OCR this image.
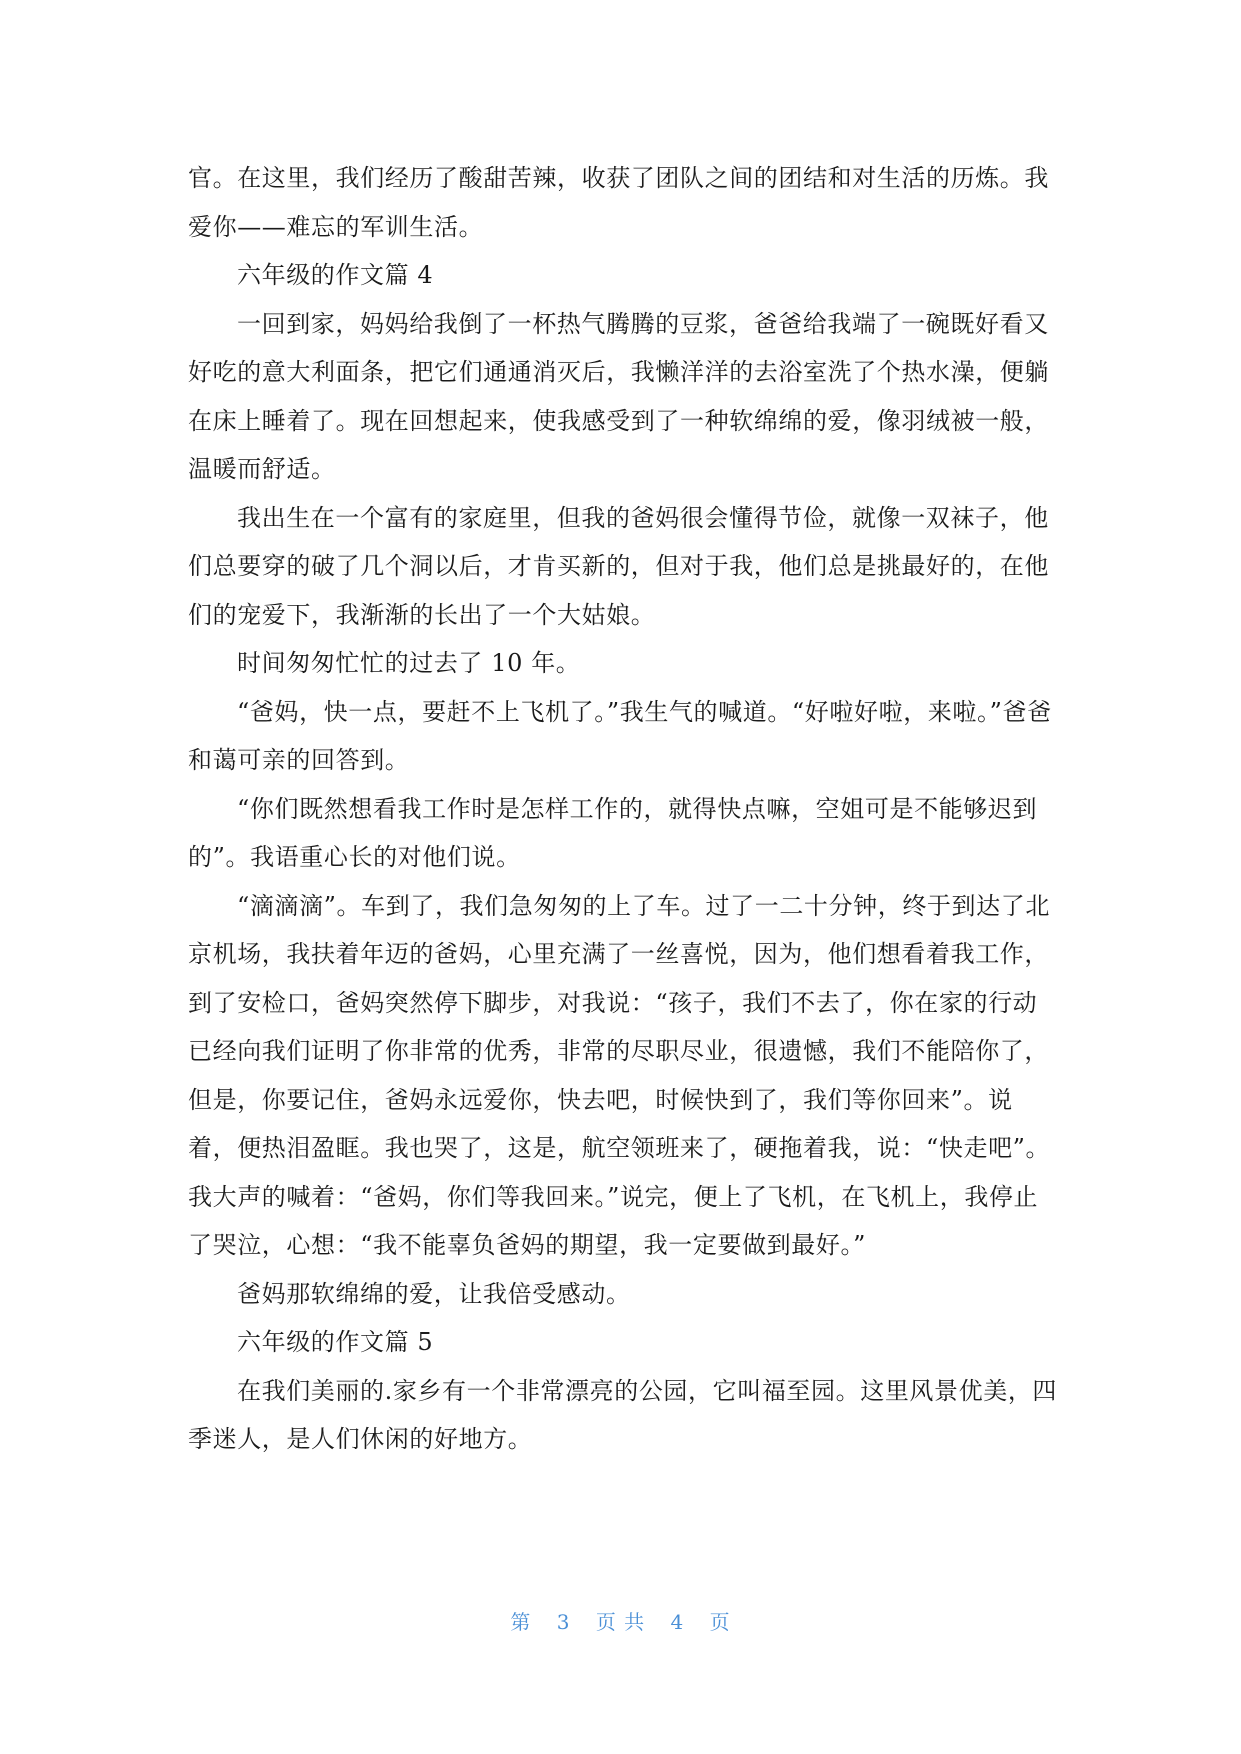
官。在这里，我们经历了酸甜苦辣，收获了团队之间的团结和对生活的历炼。我爱你——难忘的军训生活。

六年级的作文篇 4

一回到家，妈妈给我倒了一杯热气腾腾的豆浆，爸爸给我端了一碗既好看又好吃的意大利面条，把它们通通消灭后，我懒洋洋的去浴室洗了个热水澡，便躺在床上睡着了。现在回想起来，使我感受到了一种软绵绵的爱，像羽绒被一般，温暖而舒适。

我出生在一个富有的家庭里，但我的爸妈很会懂得节俭，就像一双袜子，他们总要穿的破了几个洞以后，才肯买新的，但对于我，他们总是挑最好的，在他们的宠爱下，我渐渐的长出了一个大姑娘。

时间匆匆忙忙的过去了 10 年。

“爸妈，快一点，要赶不上飞机了。”我生气的喊道。“好啦好啦，来啦。”爸爸和蔼可亲的回答到。

“你们既然想看我工作时是怎样工作的，就得快点嘛，空姐可是不能够迟到的”。我语重心长的对他们说。

“滴滴滴”。车到了，我们急匆匆的上了车。过了一二十分钟，终于到达了北京机场，我扶着年迈的爸妈，心里充满了一丝喜悦，因为，他们想看着我工作，到了安检口，爸妈突然停下脚步，对我说：“孩子，我们不去了，你在家的行动已经向我们证明了你非常的优秀，非常的尽职尽业，很遗憾，我们不能陪你了，但是，你要记住，爸妈永远爱你，快去吧，时候快到了，我们等你回来”。说着，便热泪盈眶。我也哭了，这是，航空领班来了，硬拖着我，说：“快走吧”。我大声的喊着：“爸妈，你们等我回来。”说完，便上了飞机，在飞机上，我停止了哭泣，心想：“我不能辜负爸妈的期望，我一定要做到最好。”

爸妈那软绵绵的爱，让我倍受感动。

六年级的作文篇 5

在我们美丽的.家乡有一个非常漂亮的公园，它叫福至园。这里风景优美，四季迷人，是人们休闲的好地方。

第 3 页 共 4 页
